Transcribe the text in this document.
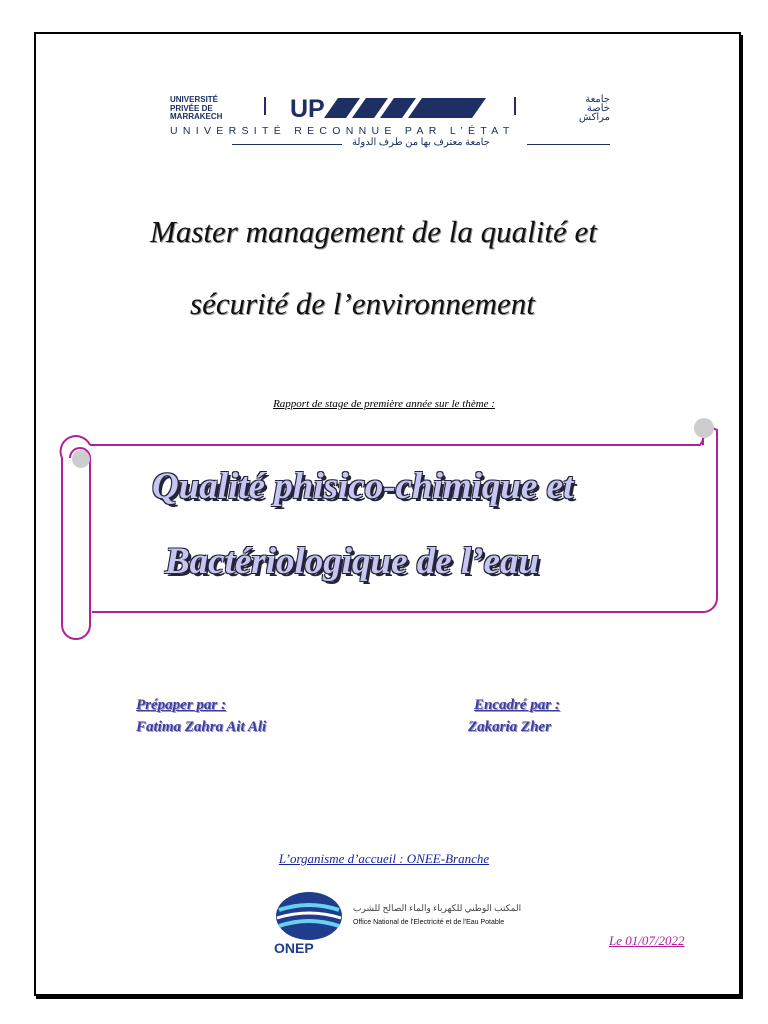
UNIVERSITÉ
PRIVÉE DE
MARRAKECH	UP	جامعة
خاصة
مراكش
UNIVERSITÉ RECONNUE PAR L’ÉTAT
جامعة معترف بها من طرف الدولة
Master management de la qualité et
sécurité de l’environnement
Rapport de stage de première année sur le thème :
Qualité phisico-chimique et
Bactériologique de l’eau
Prépaper par :
Fatima Zahra Ait Ali
Encadré par :
Zakaria Zher
L’organisme d’accueil : ONEE-Branche
ONEP
المكتب الوطني للكهرباء والماء الصالح للشرب
Office National de l'Electricité et de l'Eau Potable
Le 01/07/2022
